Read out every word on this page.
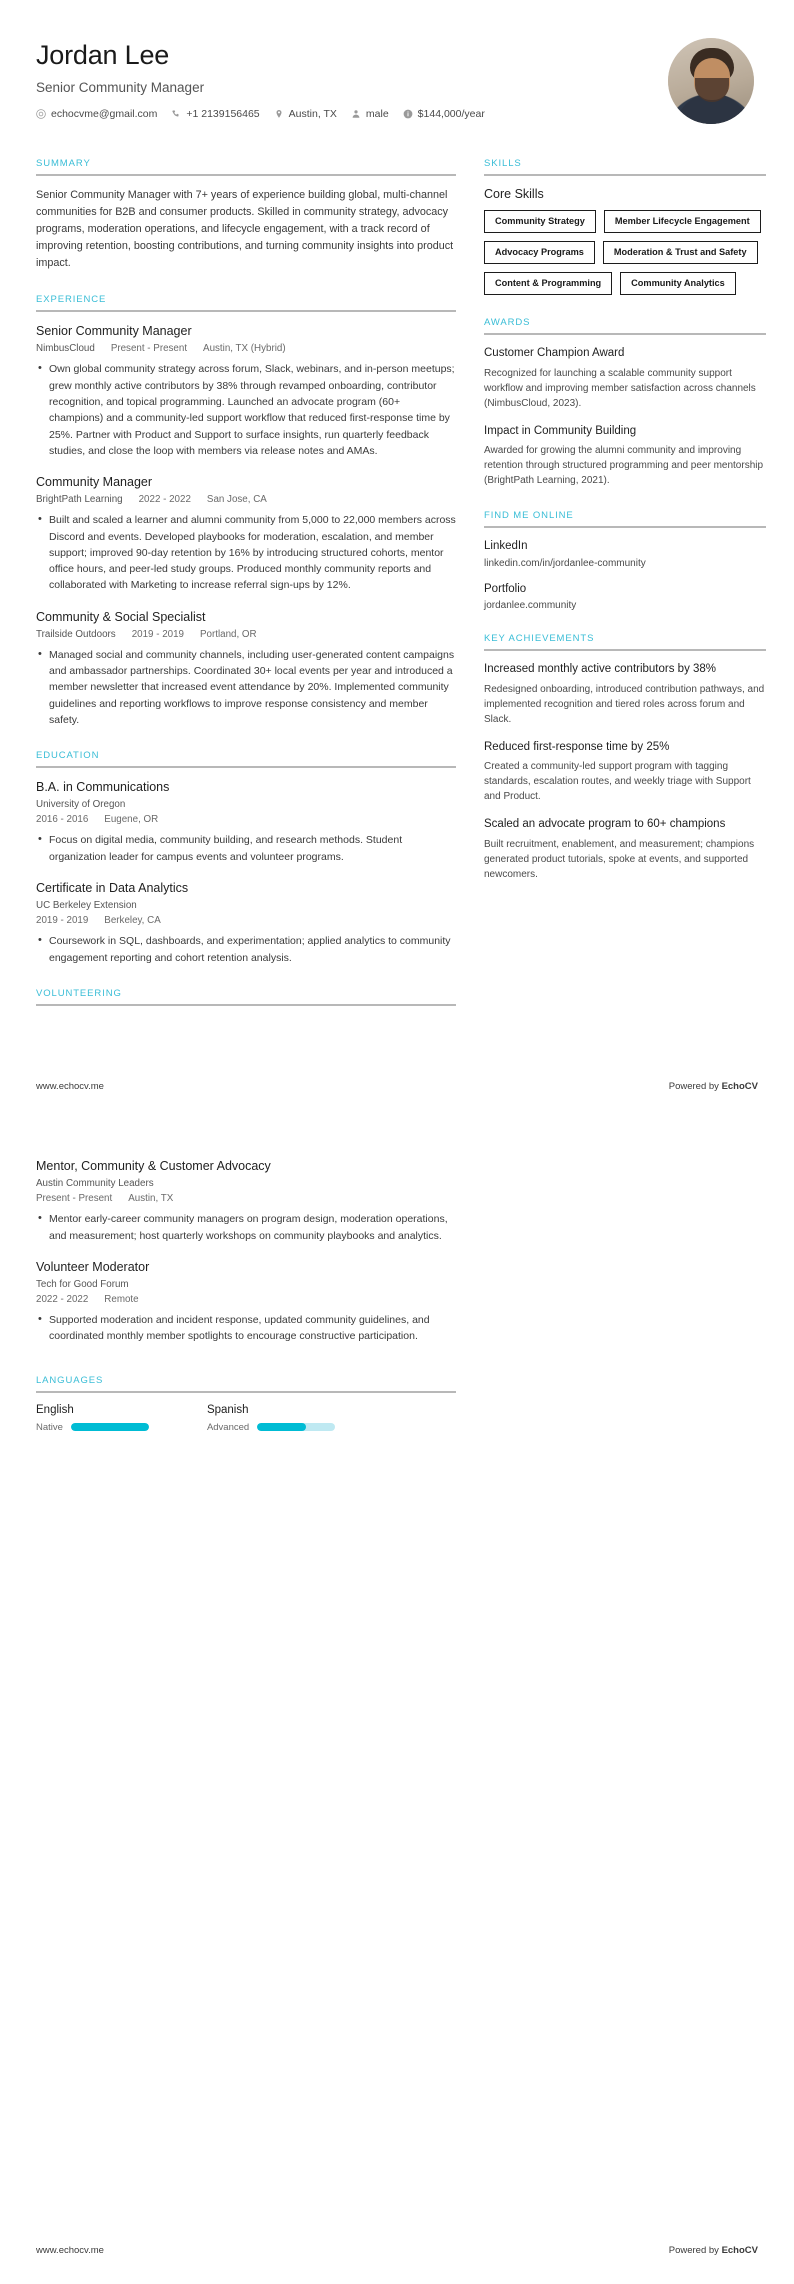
Jordan Lee
Senior Community Manager
echocvme@gmail.com	+1 2139156465	Austin, TX	male	$144,000/year
SUMMARY
Senior Community Manager with 7+ years of experience building global, multi-channel communities for B2B and consumer products. Skilled in community strategy, advocacy programs, moderation operations, and lifecycle engagement, with a track record of improving retention, boosting contributions, and turning community insights into product impact.
EXPERIENCE
Senior Community Manager
NimbusCloud Present - Present Austin, TX (Hybrid)
• Own global community strategy across forum, Slack, webinars, and in-person meetups; grew monthly active contributors by 38% through revamped onboarding, contributor recognition, and topical programming. Launched an advocate program (60+ champions) and a community-led support workflow that reduced first-response time by 25%. Partner with Product and Support to surface insights, run quarterly feedback studies, and close the loop with members via release notes and AMAs.
Community Manager
BrightPath Learning 2022 - 2022 San Jose, CA
• Built and scaled a learner and alumni community from 5,000 to 22,000 members across Discord and events. Developed playbooks for moderation, escalation, and member support; improved 90-day retention by 16% by introducing structured cohorts, mentor office hours, and peer-led study groups. Produced monthly community reports and collaborated with Marketing to increase referral sign-ups by 12%.
Community & Social Specialist
Trailside Outdoors 2019 - 2019 Portland, OR
• Managed social and community channels, including user-generated content campaigns and ambassador partnerships. Coordinated 30+ local events per year and introduced a member newsletter that increased event attendance by 20%. Implemented community guidelines and reporting workflows to improve response consistency and member safety.
EDUCATION
B.A. in Communications
University of Oregon
2016 - 2016 Eugene, OR
• Focus on digital media, community building, and research methods. Student organization leader for campus events and volunteer programs.
Certificate in Data Analytics
UC Berkeley Extension
2019 - 2019 Berkeley, CA
• Coursework in SQL, dashboards, and experimentation; applied analytics to community engagement reporting and cohort retention analysis.
VOLUNTEERING
SKILLS
Core Skills
Community Strategy	Member Lifecycle Engagement
Advocacy Programs	Moderation & Trust and Safety
Content & Programming	Community Analytics
AWARDS
Customer Champion Award
Recognized for launching a scalable community support workflow and improving member satisfaction across channels (NimbusCloud, 2023).
Impact in Community Building
Awarded for growing the alumni community and improving retention through structured programming and peer mentorship (BrightPath Learning, 2021).
FIND ME ONLINE
LinkedIn
linkedin.com/in/jordanlee-community
Portfolio
jordanlee.community
KEY ACHIEVEMENTS
Increased monthly active contributors by 38%
Redesigned onboarding, introduced contribution pathways, and implemented recognition and tiered roles across forum and Slack.
Reduced first-response time by 25%
Created a community-led support program with tagging standards, escalation routes, and weekly triage with Support and Product.
Scaled an advocate program to 60+ champions
Built recruitment, enablement, and measurement; champions generated product tutorials, spoke at events, and supported newcomers.
www.echocv.me	Powered by EchoCV
Mentor, Community & Customer Advocacy
Austin Community Leaders
Present - Present Austin, TX
• Mentor early-career community managers on program design, moderation operations, and measurement; host quarterly workshops on community playbooks and analytics.
Volunteer Moderator
Tech for Good Forum
2022 - 2022 Remote
• Supported moderation and incident response, updated community guidelines, and coordinated monthly member spotlights to encourage constructive participation.
LANGUAGES
English
Native
Spanish
Advanced
www.echocv.me	Powered by EchoCV
